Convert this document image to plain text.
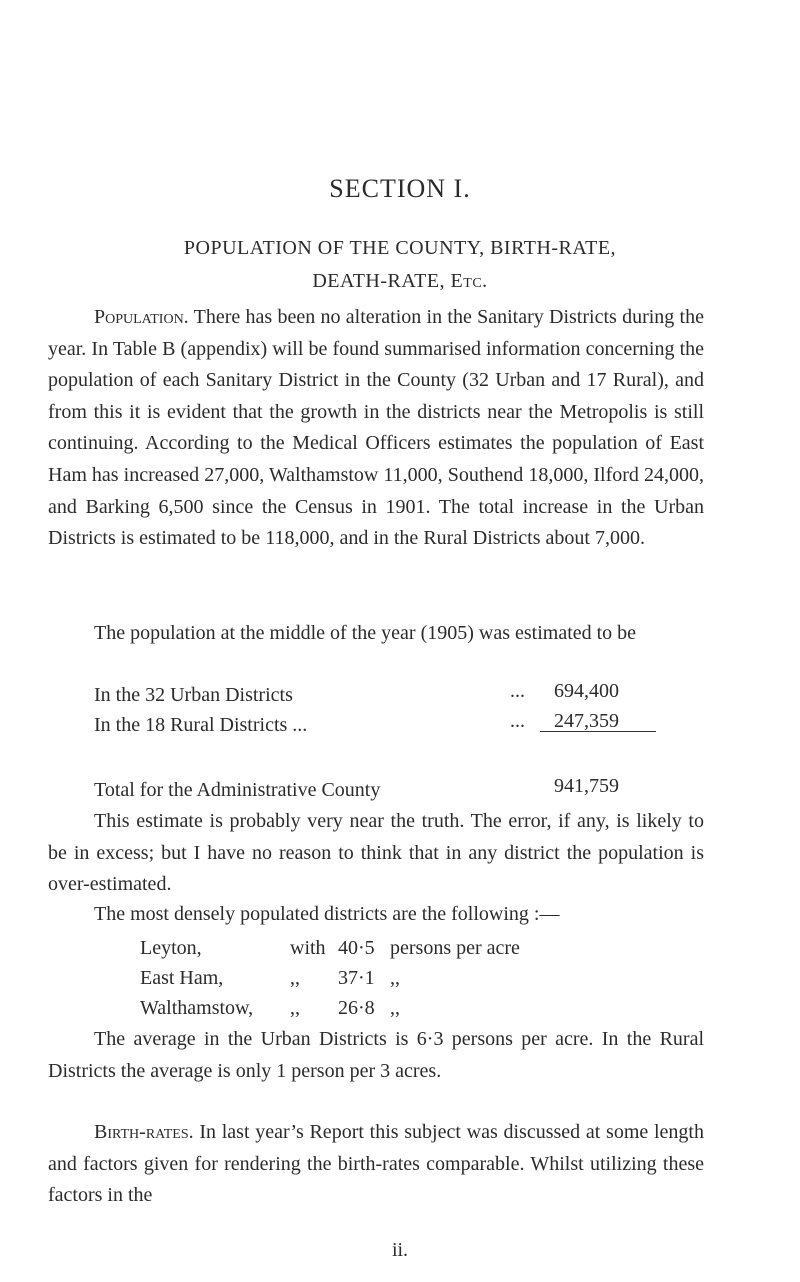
SECTION I.
POPULATION OF THE COUNTY, BIRTH-RATE,
DEATH-RATE, Etc.
Population. There has been no alteration in the Sanitary Districts during the year. In Table B (appendix) will be found summarised information concerning the population of each Sanitary District in the County (32 Urban and 17 Rural), and from this it is evident that the growth in the districts near the Metropolis is still continuing. According to the Medical Officers estimates the population of East Ham has increased 27,000, Walthamstow 11,000, Southend 18,000, Ilford 24,000, and Barking 6,500 since the Census in 1901. The total increase in the Urban Districts is estimated to be 118,000, and in the Rural Districts about 7,000.
The population at the middle of the year (1905) was estimated to be
In the 32 Urban Districts	... 694,400
In the 18 Rural Districts ...	... 247,359
Total for the Administrative County	941,759
This estimate is probably very near the truth. The error, if any, is likely to be in excess; but I have no reason to think that in any district the population is over-estimated.
The most densely populated districts are the following :—
Leyton,	with 40·5 persons per acre
East Ham,	,, 37·1 ,,
Walthamstow, ,, 26·8 ,,
The average in the Urban Districts is 6·3 persons per acre. In the Rural Districts the average is only 1 person per 3 acres.
Birth-rates. In last year’s Report this subject was discussed at some length and factors given for rendering the birth-rates comparable. Whilst utilizing these factors in the
ii.
